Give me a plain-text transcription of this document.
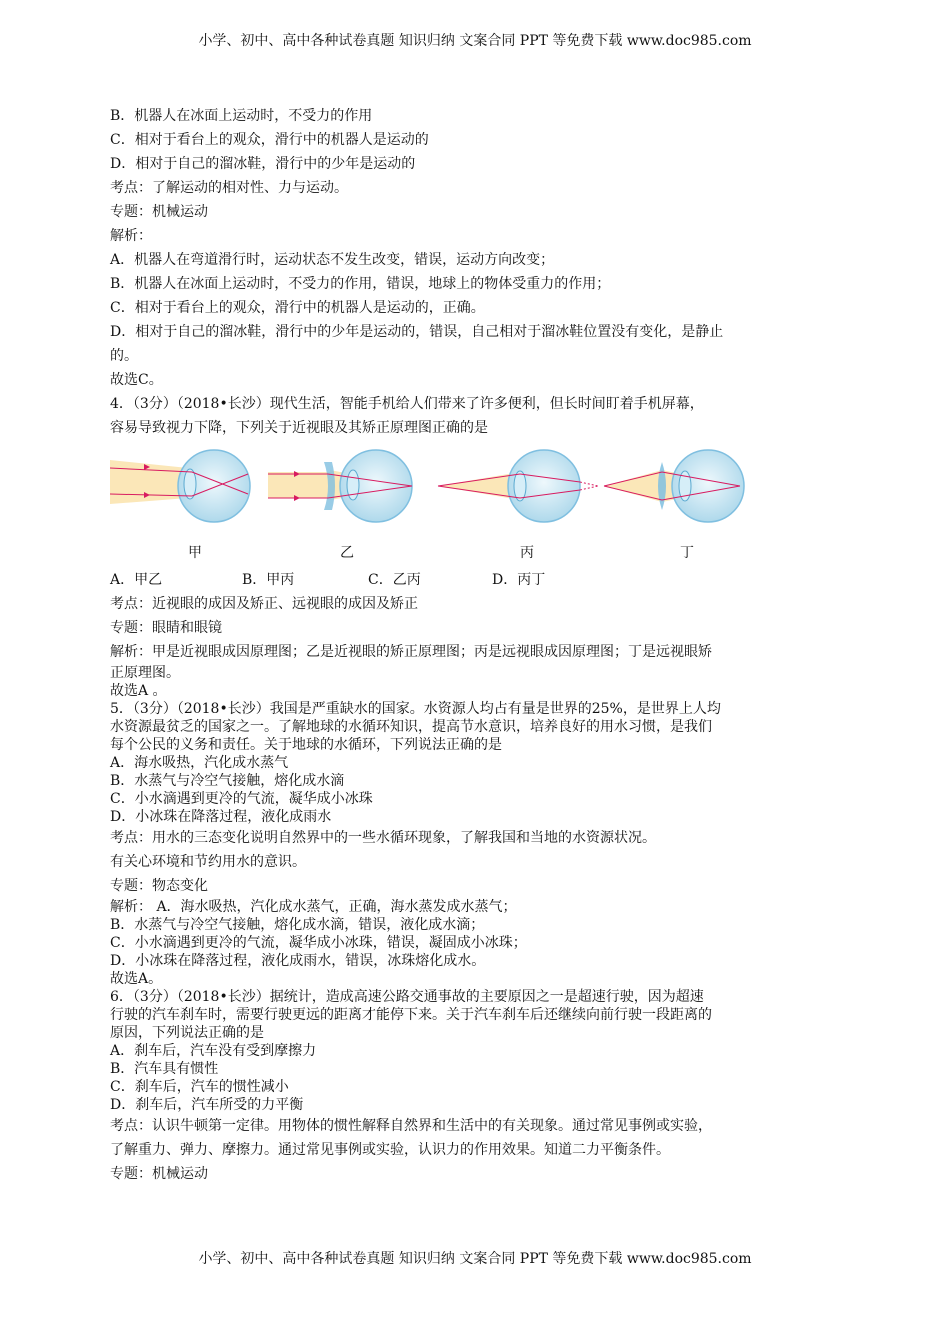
小学、初中、高中各种试卷真题 知识归纳 文案合同 PPT 等免费下载 www.doc985.com
B．机器人在冰面上运动时，不受力的作用
C．相对于看台上的观众，滑行中的机器人是运动的
D．相对于自己的溜冰鞋，滑行中的少年是运动的
考点：了解运动的相对性、力与运动。
专题：机械运动
解析：
A．机器人在弯道滑行时，运动状态不发生改变，错误，运动方向改变；
B．机器人在冰面上运动时，不受力的作用，错误，地球上的物体受重力的作用；
C．相对于看台上的观众，滑行中的机器人是运动的，正确。
D．相对于自己的溜冰鞋，滑行中的少年是运动的，错误，自己相对于溜冰鞋位置没有变化，是静止
的。
故选C。
4．（3分）（2018•长沙）现代生活，智能手机给人们带来了许多便利，但长时间盯着手机屏幕，
容易导致视力下降，下列关于近视眼及其矫正原理图正确的是
甲	乙	丙	丁
A．甲乙	B．甲丙	C．乙丙	D．丙丁
考点：近视眼的成因及矫正、远视眼的成因及矫正
专题：眼睛和眼镜
解析：甲是近视眼成因原理图；乙是近视眼的矫正原理图；丙是远视眼成因原理图；丁是远视眼矫
正原理图。
故选A 。
5．（3分）（2018•长沙）我国是严重缺水的国家。水资源人均占有量是世界的25%，是世界上人均
水资源最贫乏的国家之一。了解地球的水循环知识，提高节水意识，培养良好的用水习惯，是我们
每个公民的义务和责任。关于地球的水循环，下列说法正确的是
A．海水吸热，汽化成水蒸气
B．水蒸气与冷空气接触，熔化成水滴
C．小水滴遇到更冷的气流，凝华成小冰珠
D．小冰珠在降落过程，液化成雨水
考点：用水的三态变化说明自然界中的一些水循环现象，了解我国和当地的水资源状况。
有关心环境和节约用水的意识。
专题：物态变化
解析： A．海水吸热，汽化成水蒸气，正确，海水蒸发成水蒸气；
B．水蒸气与冷空气接触，熔化成水滴，错误，液化成水滴；
C．小水滴遇到更冷的气流，凝华成小冰珠，错误，凝固成小冰珠；
D．小冰珠在降落过程，液化成雨水，错误，冰珠熔化成水。
故选A。
6．（3分）（2018•长沙）据统计，造成高速公路交通事故的主要原因之一是超速行驶，因为超速
行驶的汽车刹车时，需要行驶更远的距离才能停下来。关于汽车刹车后还继续向前行驶一段距离的
原因，下列说法正确的是
A．刹车后，汽车没有受到摩擦力
B．汽车具有惯性
C．刹车后，汽车的惯性减小
D．刹车后，汽车所受的力平衡
考点：认识牛顿第一定律。用物体的惯性解释自然界和生活中的有关现象。通过常见事例或实验，
了解重力、弹力、摩擦力。通过常见事例或实验，认识力的作用效果。知道二力平衡条件。
专题：机械运动
小学、初中、高中各种试卷真题 知识归纳 文案合同 PPT 等免费下载 www.doc985.com
